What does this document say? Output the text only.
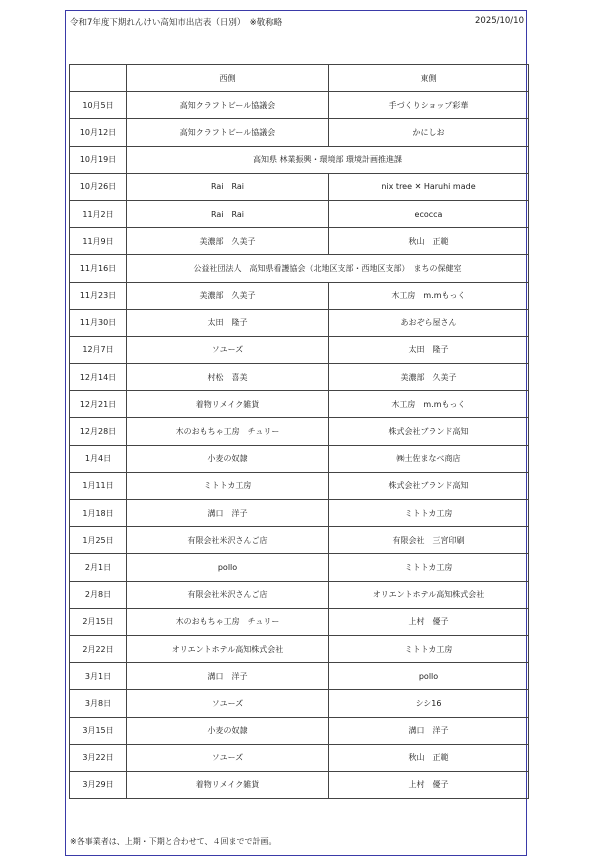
令和7年度下期れんけい高知市出店表（日別）　※敬称略	2025/10/10
	西側	東側
10月5日	高知クラフトビール協議会	手づくりショップ彩華
10月12日	高知クラフトビール協議会	かにしお
10月19日	高知県 林業振興・環境部 環境計画推進課	
10月26日	Rai　Rai	nix tree ✕ Haruhi made
11月2日	Rai　Rai	ecocca
11月9日	美濃部　久美子	秋山　正範
11月16日	公益社団法人　高知県看護協会（北地区支部・西地区支部）　まちの保健室	
11月23日	美濃部　久美子	木工房　m.mもっく
11月30日	太田　隆子	あおぞら屋さん
12月7日	ソユーズ	太田　隆子
12月14日	村松　喜美	美濃部　久美子
12月21日	着物リメイク雑貨	木工房　m.mもっく
12月28日	木のおもちゃ工房　チュリー	株式会社ブランド高知
1月4日	小麦の奴隷	㈱土佐まなべ商店
1月11日	ミトトカ工房	株式会社ブランド高知
1月18日	溝口　洋子	ミトトカ工房
1月25日	有限会社米沢さんご店	有限会社　三宮印刷
2月1日	pollo	ミトトカ工房
2月8日	有限会社米沢さんご店	オリエントホテル高知株式会社
2月15日	木のおもちゃ工房　チュリー	上村　優子
2月22日	オリエントホテル高知株式会社	ミトトカ工房
3月1日	溝口　洋子	pollo
3月8日	ソユーズ	シシ16
3月15日	小麦の奴隷	溝口　洋子
3月22日	ソユーズ	秋山　正範
3月29日	着物リメイク雑貨	上村　優子
※各事業者は、上期・下期と合わせて、４回までで計画。
